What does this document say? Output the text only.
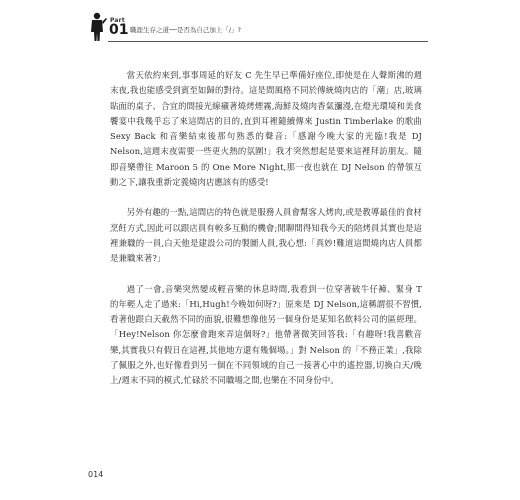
Part
01 職涯生存之道──是否為自己加上「/」?

當天依約來到,事事周延的好友 C 先生早已準備好座位,即使是在人聲斯沸的週末夜,我也能感受到賓至如歸的對待。這是間風格不同於傳統燒肉店的「潮」店,玻璃貼面的桌子、合宜的間接光線襯著燒烤煙霧,海鮮及燒肉香氣瀰漫,在燈光環境和美食饗宴中我幾乎忘了來這間店的目的,直到耳裡隨續傳來 Justin Timberlake 的歌曲 Sexy Back 和音樂結束後那句熟悉的聲音:「感謝今晚大家的光臨!我是 DJ Nelson,這週末夜需要一些更火熱的氛圍!」我才突然想起是要來這裡拜訪朋友。隨即音樂帶往 Maroon 5 的 One More Night,那一夜也就在 DJ Nelson 的帶領互動之下,讓我重新定義燒肉店應該有的感受!

另外有趣的一點,這間店的特色就是服務人員會幫客人烤肉,或是教導最佳的食材烹飪方式,因此可以跟店員有較多互動的機會;閒聊間得知我今天的陪烤員其實也是這裡兼職的一員,白天他是建設公司的製圖人員,我心想:「真妙!難道這間燒肉店人員都是兼職來著?」

過了一會,音樂突然變成輕音樂的休息時間,我看到一位穿著破牛仔褲、緊身 T 的年輕人走了過來:「Hi,Hugh!今晚如何呀?」原來是 DJ Nelson,這稱謂很不習慣,看著他跟白天截然不同的面貌,很難想像他另一個身份是某知名飲料公司的區經理。「Hey!Nelson 你怎麼會跑來弄這個呀?」他帶著微笑回答我:「有趣呀!我喜歡音樂,其實我只有假日在這裡,其他地方還有幾個場。」對 Nelson 的「不務正業」,我除了佩服之外,也好像看到另一個在不同領域的自己一接著心中的遙控器,切換白天/晚上/週末不同的模式,忙碌於不同職場之間,也樂在不同身份中。

014
